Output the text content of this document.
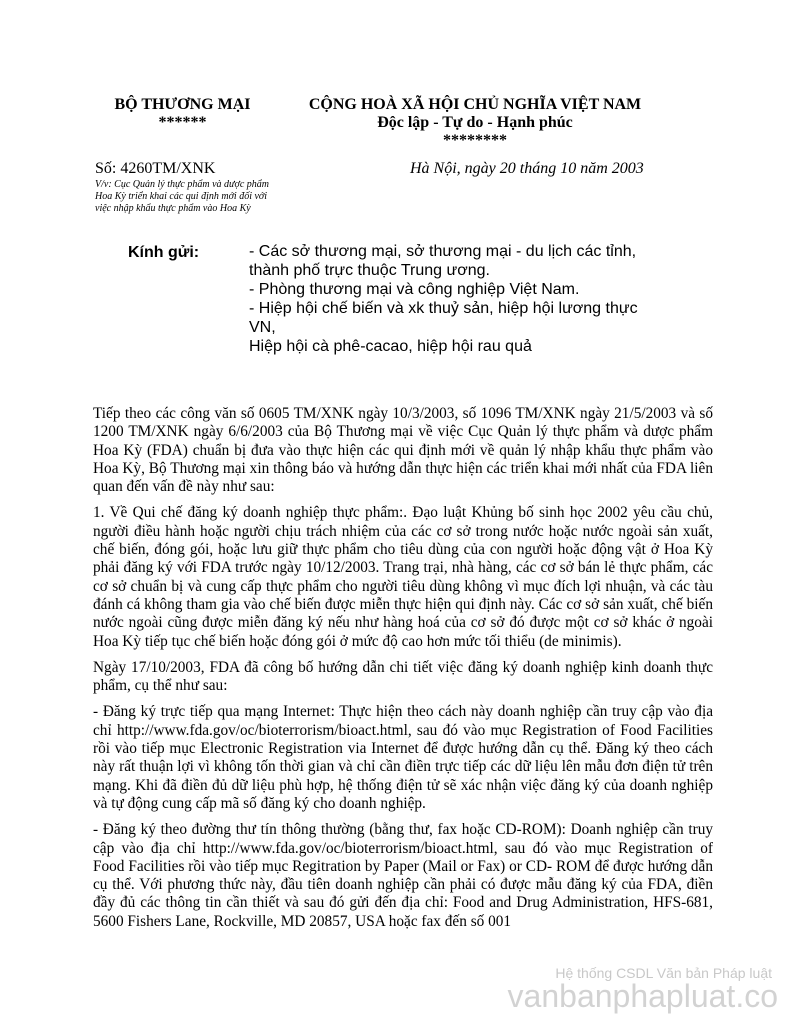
BỘ THƯƠNG MẠI
******
CỘNG HOÀ XÃ HỘI CHỦ NGHĨA VIỆT NAM
Độc lập - Tự do - Hạnh phúc
********
Số: 4260TM/XNK	Hà Nội, ngày 20 tháng 10 năm 2003
V/v: Cục Quản lý thực phẩm và dược phẩm
Hoa Kỳ triển khai các qui định mới đối với
việc nhập khẩu thực phẩm vào Hoa Kỳ
Kính gửi:	- Các sở thương mại, sở thương mại - du lịch các tỉnh,
thành phố trực thuộc Trung ương.
- Phòng thương mại và công nghiệp Việt Nam.
- Hiệp hội chế biến và xk thuỷ sản, hiệp hội lương thực
VN,
Hiệp hội cà phê-cacao, hiệp hội rau quả

Tiếp theo các công văn số 0605 TM/XNK ngày 10/3/2003, số 1096 TM/XNK ngày 21/5/2003 và số 1200 TM/XNK ngày 6/6/2003 của Bộ Thương mại về việc Cục Quản lý thực phẩm và dược phẩm Hoa Kỳ (FDA) chuẩn bị đưa vào thực hiện các qui định mới về quản lý nhập khẩu thực phẩm vào Hoa Kỳ, Bộ Thương mại xin thông báo và hướng dẫn thực hiện các triển khai mới nhất của FDA liên quan đến vấn đề này như sau:

1. Về Qui chế đăng ký doanh nghiệp thực phẩm:. Đạo luật Khủng bố sinh học 2002 yêu cầu chủ, người điều hành hoặc người chịu trách nhiệm của các cơ sở trong nước hoặc nước ngoài sản xuất, chế biến, đóng gói, hoặc lưu giữ thực phẩm cho tiêu dùng của con người hoặc động vật ở Hoa Kỳ phải đăng ký với FDA trước ngày 10/12/2003. Trang trại, nhà hàng, các cơ sở bán lẻ thực phẩm, các cơ sở chuẩn bị và cung cấp thực phẩm cho người tiêu dùng không vì mục đích lợi nhuận, và các tàu đánh cá không tham gia vào chế biến được miễn thực hiện qui định này. Các cơ sở sản xuất, chế biến nước ngoài cũng được miễn đăng ký nếu như hàng hoá của cơ sở đó được một cơ sở khác ở ngoài Hoa Kỳ tiếp tục chế biến hoặc đóng gói ở mức độ cao hơn mức tối thiểu (de minimis).

Ngày 17/10/2003, FDA đã công bố hướng dẫn chi tiết việc đăng ký doanh nghiệp kinh doanh thực phẩm, cụ thể như sau:

- Đăng ký trực tiếp qua mạng Internet: Thực hiện theo cách này doanh nghiệp cần truy cập vào địa chỉ http://www.fda.gov/oc/bioterrorism/bioact.html, sau đó vào mục Registration of Food Facilities rồi vào tiếp mục Electronic Registration via Internet để được hướng dẫn cụ thể. Đăng ký theo cách này rất thuận lợi vì không tốn thời gian và chỉ cần điền trực tiếp các dữ liệu lên mẫu đơn điện tử trên mạng. Khi đã điền đủ dữ liệu phù hợp, hệ thống điện tử sẽ xác nhận việc đăng ký của doanh nghiệp và tự động cung cấp mã số đăng ký cho doanh nghiệp.

- Đăng ký theo đường thư tín thông thường (bằng thư, fax hoặc CD-ROM): Doanh nghiệp cần truy cập vào địa chỉ http://www.fda.gov/oc/bioterrorism/bioact.html, sau đó vào mục Registration of Food Facilities rồi vào tiếp mục Regitration by Paper (Mail or Fax) or CD- ROM để được hướng dẫn cụ thể. Với phương thức này, đầu tiên doanh nghiệp cần phải có được mẫu đăng ký của FDA, điền đầy đủ các thông tin cần thiết và sau đó gửi đến địa chỉ: Food and Drug Administration, HFS-681, 5600 Fishers Lane, Rockville, MD 20857, USA hoặc fax đến số 001

Hệ thống CSDL Văn bản Pháp luật
vanbanphapluat.co
